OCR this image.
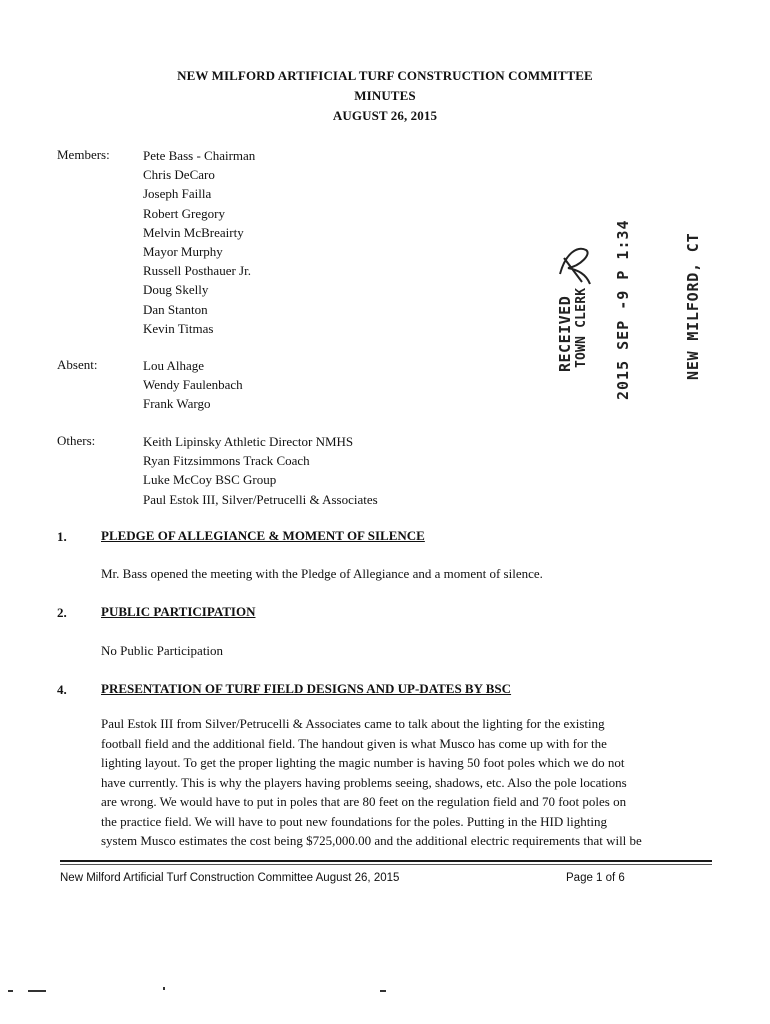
NEW MILFORD ARTIFICIAL TURF CONSTRUCTION COMMITTEE
MINUTES
AUGUST 26, 2015
Members:	Pete Bass - Chairman
Chris DeCaro
Joseph Failla
Robert Gregory
Melvin McBreairty
Mayor Murphy
Russell Posthauer Jr.
Doug Skelly
Dan Stanton
Kevin Titmas
Absent:	Lou Alhage
Wendy Faulenbach
Frank Wargo
Others:	Keith Lipinsky Athletic Director NMHS
Ryan Fitzsimmons Track Coach
Luke McCoy BSC Group
Paul Estok III, Silver/Petrucelli & Associates
RECEIVED TOWN CLERK 2015 SEP -9 P 1:34	NEW MILFORD, CT
1.	PLEDGE OF ALLEGIANCE & MOMENT OF SILENCE
Mr. Bass opened the meeting with the Pledge of Allegiance and a moment of silence.
2.	PUBLIC PARTICIPATION
No Public Participation
4.	PRESENTATION OF TURF FIELD DESIGNS AND UP-DATES BY BSC
Paul Estok III from Silver/Petrucelli & Associates came to talk about the lighting for the existing
football field and the additional field. The handout given is what Musco has come up with for the
lighting layout. To get the proper lighting the magic number is having 50 foot poles which we do not
have currently. This is why the players having problems seeing, shadows, etc. Also the pole locations
are wrong. We would have to put in poles that are 80 feet on the regulation field and 70 foot poles on
the practice field. We will have to pout new foundations for the poles. Putting in the HID lighting
system Musco estimates the cost being $725,000.00 and the additional electric requirements that will be
New Milford Artificial Turf Construction Committee August 26, 2015	Page 1 of 6
